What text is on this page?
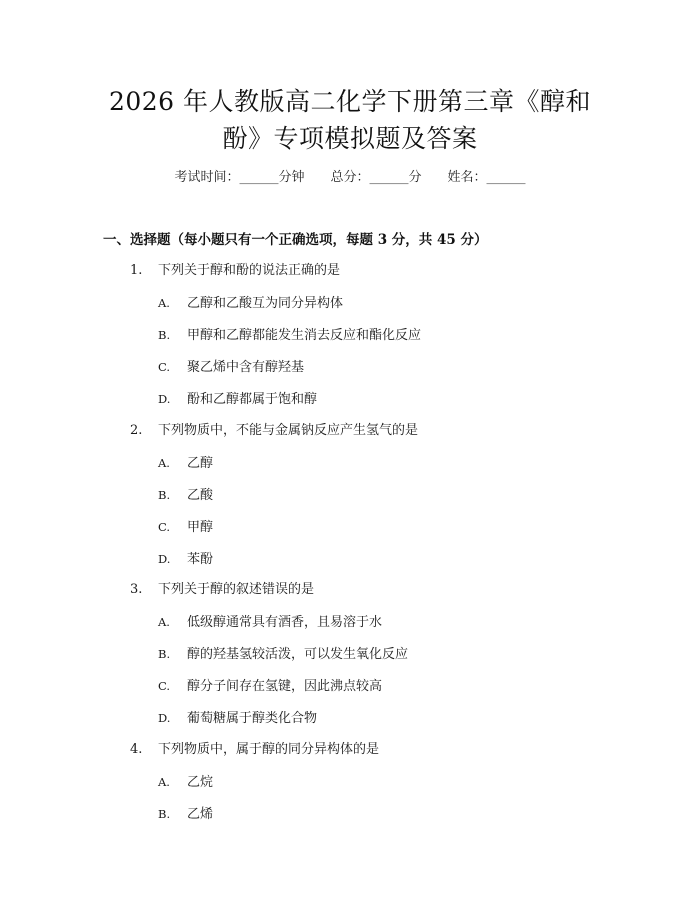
2026 年人教版高二化学下册第三章《醇和
酚》专项模拟题及答案
考试时间：______分钟 总分：______分 姓名：______
一、选择题（每小题只有一个正确选项，每题 3 分，共 45 分）
1. 下列关于醇和酚的说法正确的是
A. 乙醇和乙酸互为同分异构体
B. 甲醇和乙醇都能发生消去反应和酯化反应
C. 聚乙烯中含有醇羟基
D. 酚和乙醇都属于饱和醇
2. 下列物质中，不能与金属钠反应产生氢气的是
A. 乙醇
B. 乙酸
C. 甲醇
D. 苯酚
3. 下列关于醇的叙述错误的是
A. 低级醇通常具有酒香，且易溶于水
B. 醇的羟基氢较活泼，可以发生氧化反应
C. 醇分子间存在氢键，因此沸点较高
D. 葡萄糖属于醇类化合物
4. 下列物质中，属于醇的同分异构体的是
A. 乙烷
B. 乙烯
